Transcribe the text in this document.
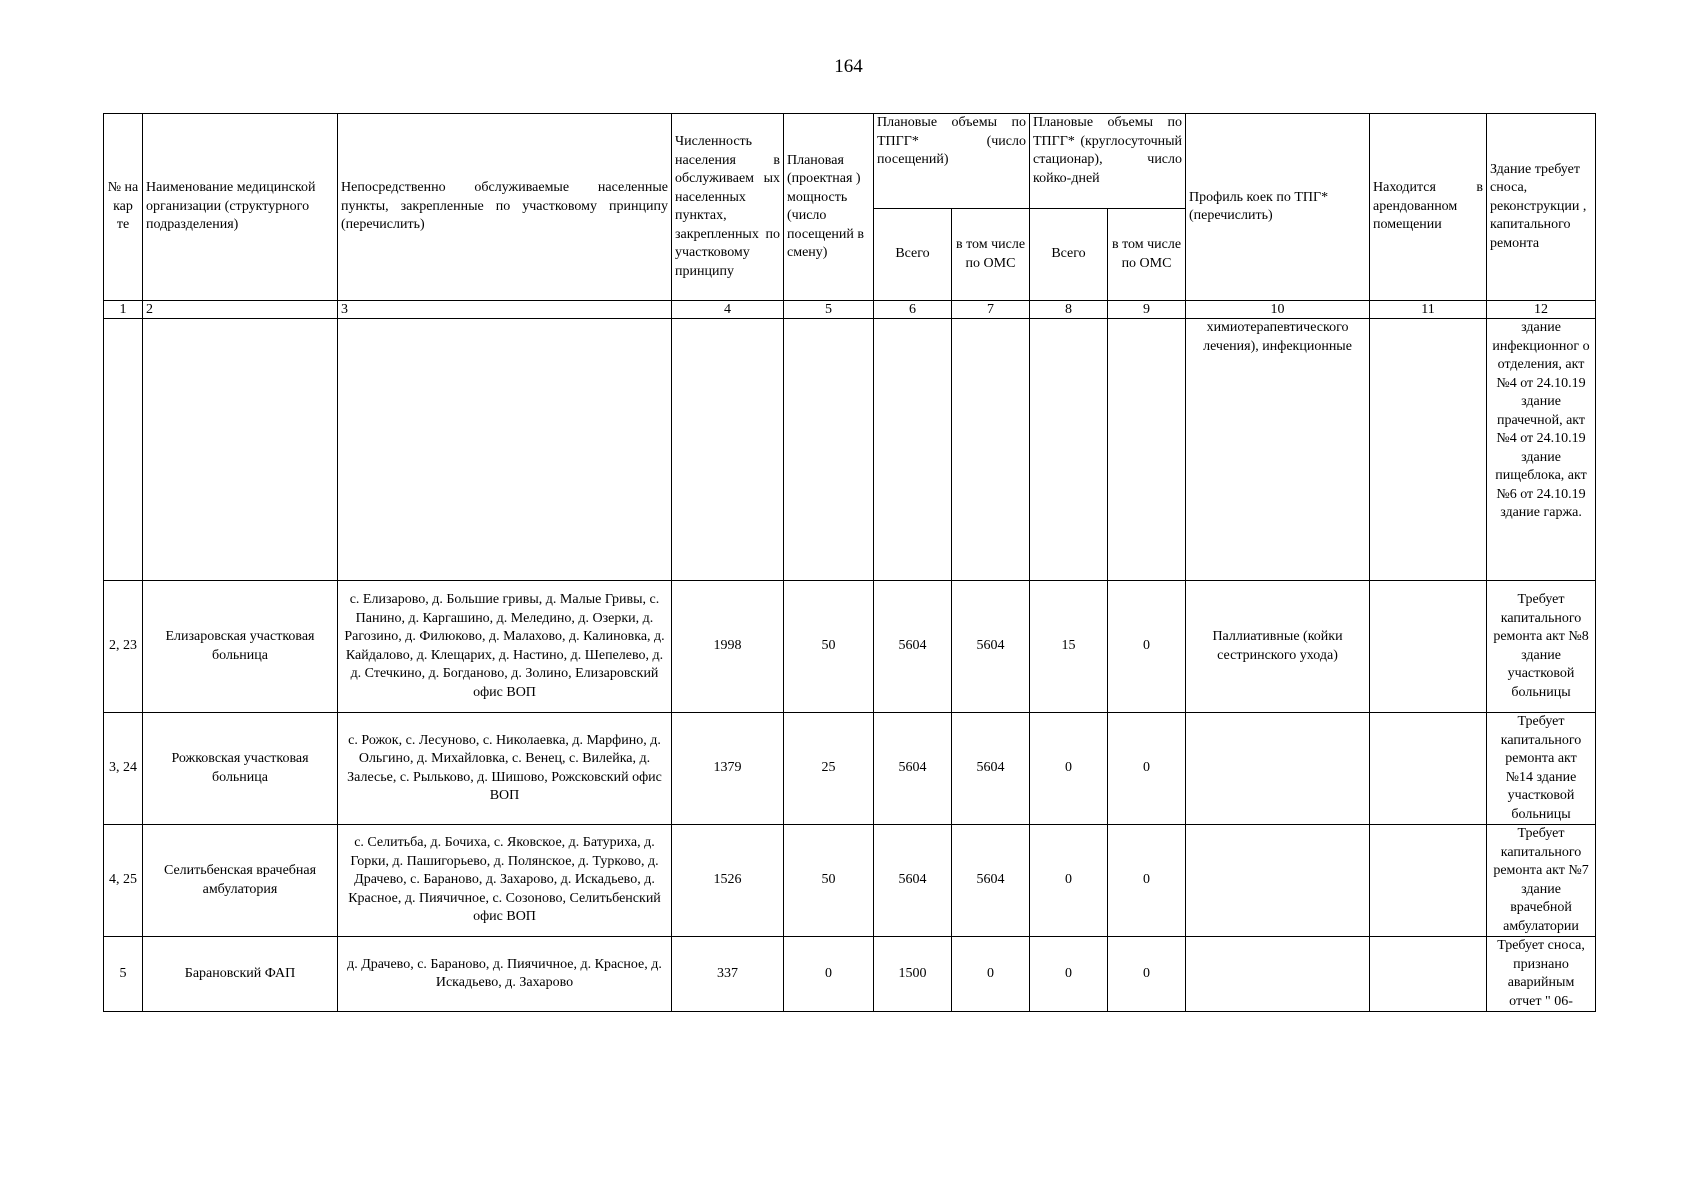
164
№ на кар те	Наименование медицинской организации (структурного подразделения)	Непосредственно обслуживаемые населенные пункты, закрепленные по участковому принципу (перечислить)	Численность населения в обслуживаем ых населенных пунктах, закрепленных по участковому принципу	Плановая (проектная ) мощность (число посещений в смену)	Плановые объемы по ТПГГ* (число посещений)		Плановые объемы по ТПГГ* (круглосуточный стационар), число койко-дней		Профиль коек по ТПГ* (перечислить)	Находится в арендованном помещении	Здание требует сноса, реконструкции , капитального ремонта
					Всего	в том числе по ОМС	Всего	в том числе по ОМС			
1	2	3	4	5	6	7	8	9	10	11	12
									химиотерапевтического лечения), инфекционные		здание инфекционног о отделения, акт №4 от 24.10.19 здание прачечной, акт №4 от 24.10.19 здание пищеблока, акт №6 от 24.10.19 здание гаржа.
2, 23	Елизаровская участковая больница	с. Елизарово, д. Большие гривы, д. Малые Гривы, с. Панино, д. Каргашино, д. Меледино, д. Озерки, д. Рагозино, д. Филюково, д. Малахово, д. Калиновка, д. Кайдалово, д. Клещарих, д. Настино, д. Шепелево, д. д. Стечкино, д. Богданово, д. Золино, Елизаровский офис ВОП	1998	50	5604	5604	15	0	Паллиативные (койки сестринского ухода)		Требует капитального ремонта акт №8 здание участковой больницы
3, 24	Рожковская участковая больница	с. Рожок, с. Лесуново, с. Николаевка, д. Марфино, д. Ольгино, д. Михайловка, с. Венец, с. Вилейка, д. Залесье, с. Рыльково, д. Шишово, Рожсковский офис ВОП	1379	25	5604	5604	0	0			Требует капитального ремонта акт №14 здание участковой больницы
4, 25	Селитьбенская врачебная амбулатория	с. Селитьба, д. Бочиха, с. Яковское, д. Батуриха, д. Горки, д. Пашигорьево, д. Полянское, д. Турково, д. Драчево, с. Бараново, д. Захарово, д. Искадьево, д. Красное, д. Пиячичное, с. Созоново, Селитьбенский офис ВОП	1526	50	5604	5604	0	0			Требует капитального ремонта акт №7 здание врачебной амбулатории
5	Барановский ФАП	д. Драчево, с. Бараново, д. Пиячичное, д. Красное, д. Искадьево, д. Захарово	337	0	1500	0	0	0			Требует сноса, признано аварийным отчет " 06-
